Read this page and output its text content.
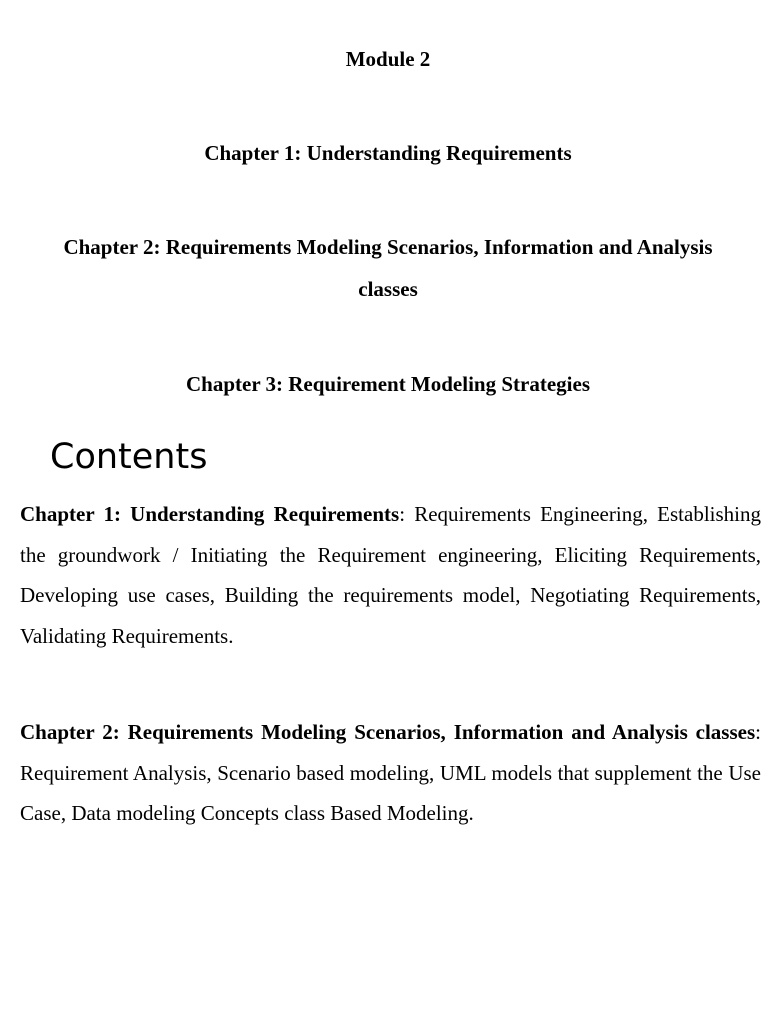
Module 2
Chapter 1: Understanding Requirements
Chapter 2: Requirements Modeling Scenarios, Information and Analysis classes
Chapter 3: Requirement Modeling Strategies
Contents

Chapter 1: Understanding Requirements: Requirements Engineering, Establishing the groundwork / Initiating the Requirement engineering, Eliciting Requirements, Developing use cases, Building the requirements model, Negotiating Requirements, Validating Requirements.

Chapter 2: Requirements Modeling Scenarios, Information and Analysis classes: Requirement Analysis, Scenario based modeling, UML models that supplement the Use Case, Data modeling Concepts class Based Modeling.
